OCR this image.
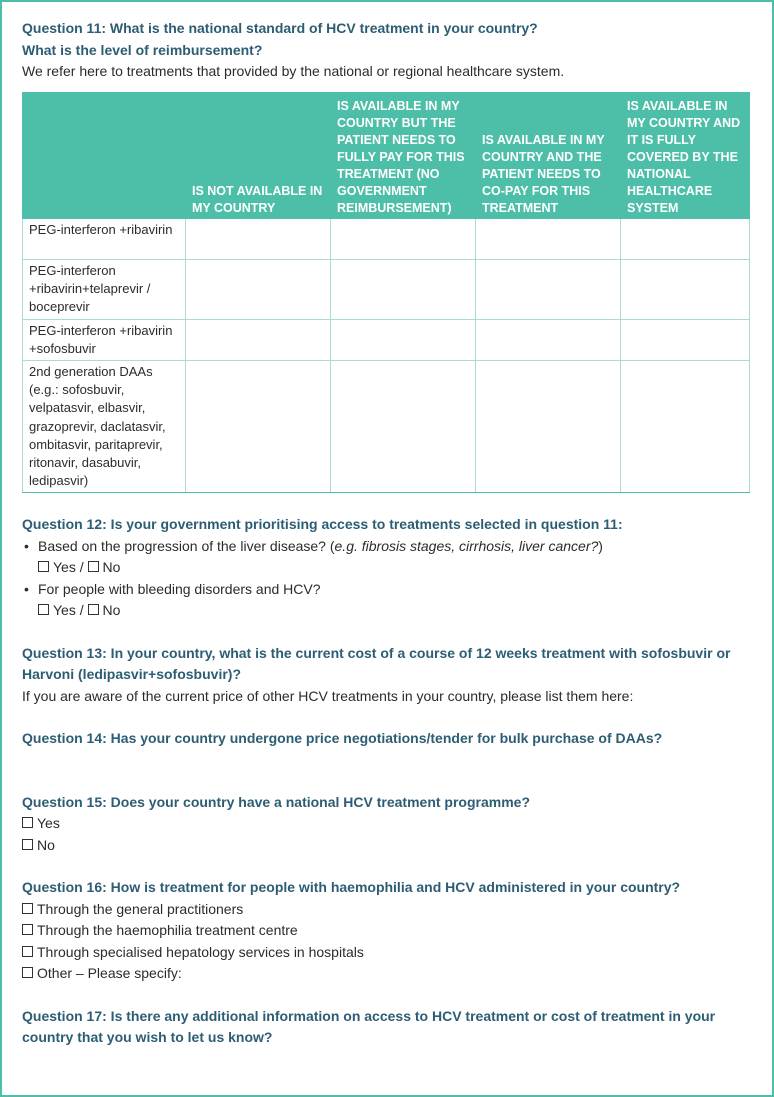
Question 11: What is the national standard of HCV treatment in your country?

What is the level of reimbursement?

We refer here to treatments that provided by the national or regional healthcare system.

	IS NOT AVAILABLE IN MY COUNTRY	IS AVAILABLE IN MY COUNTRY BUT THE PATIENT NEEDS TO FULLY PAY FOR THIS TREATMENT (NO GOVERNMENT REIMBURSEMENT)	IS AVAILABLE IN MY COUNTRY AND THE PATIENT NEEDS TO CO-PAY FOR THIS TREATMENT	IS AVAILABLE IN MY COUNTRY AND IT IS FULLY COVERED BY THE NATIONAL HEALTHCARE SYSTEM
PEG-interferon +ribavirin				
PEG-interferon +ribavirin+telaprevir / boceprevir				
PEG-interferon +ribavirin +sofosbuvir				
2nd generation DAAs (e.g.: sofosbuvir, velpatasvir, elbasvir, grazoprevir, daclatasvir, ombitasvir, paritaprevir, ritonavir, dasabuvir, ledipasvir)				

Question 12: Is your government prioritising access to treatments selected in question 11:

• Based on the progression of the liver disease? (e.g. fibrosis stages, cirrhosis, liver cancer?)
Yes / No
• For people with bleeding disorders and HCV?
Yes / No

Question 13: In your country, what is the current cost of a course of 12 weeks treatment with sofosbuvir or Harvoni (ledipasvir+sofosbuvir)?

If you are aware of the current price of other HCV treatments in your country, please list them here:

Question 14: Has your country undergone price negotiations/tender for bulk purchase of DAAs?

Question 15: Does your country have a national HCV treatment programme?

Yes

No

Question 16: How is treatment for people with haemophilia and HCV administered in your country?

Through the general practitioners

Through the haemophilia treatment centre

Through specialised hepatology services in hospitals

Other – Please specify:

Question 17: Is there any additional information on access to HCV treatment or cost of treatment in your country that you wish to let us know?
